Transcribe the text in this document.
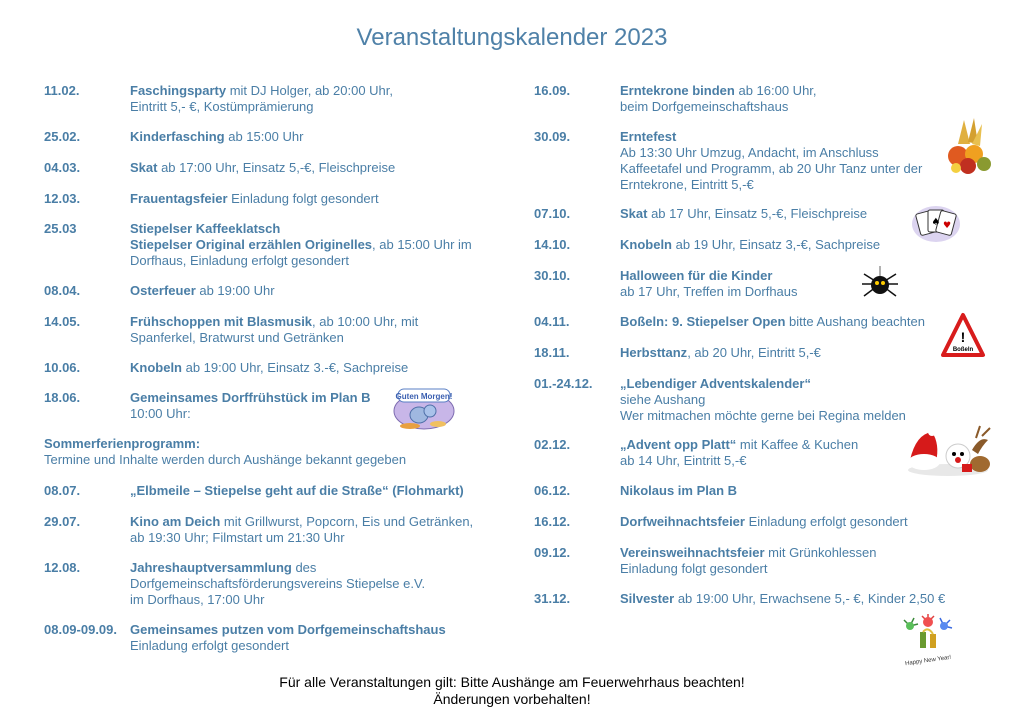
Veranstaltungskalender 2023
11.02.	Faschingsparty mit DJ Holger, ab 20:00 Uhr,
Eintritt 5,- €, Kostümprämierung
25.02.	Kinderfasching ab 15:00 Uhr
04.03.	Skat ab 17:00 Uhr, Einsatz 5,-€, Fleischpreise
12.03.	Frauentagsfeier Einladung folgt gesondert
25.03	Stiepelser Kaffeeklatsch
Stiepelser Original erzählen Originelles, ab 15:00 Uhr im
Dorfhaus, Einladung erfolgt gesondert
08.04.	Osterfeuer ab 19:00 Uhr
14.05.	Frühschoppen mit Blasmusik, ab 10:00 Uhr, mit
Spanferkel, Bratwurst und Getränken
10.06.	Knobeln ab 19:00 Uhr, Einsatz 3.-€, Sachpreise
18.06.	Gemeinsames Dorffrühstück im Plan B
10:00 Uhr:
Guten Morgen!
Sommerferienprogramm:
Termine und Inhalte werden durch Aushänge bekannt gegeben
08.07.	„Elbmeile – Stiepelse geht auf die Straße“ (Flohmarkt)
29.07.	Kino am Deich mit Grillwurst, Popcorn, Eis und Getränken,
ab 19:30 Uhr; Filmstart um 21:30 Uhr
12.08.	Jahreshauptversammlung des
Dorfgemeinschaftsförderungsvereins Stiepelse e.V.
im Dorfhaus, 17:00 Uhr
08.09-09.09. Gemeinsames putzen vom Dorfgemeinschaftshaus
Einladung erfolgt gesondert
16.09.	Erntekrone binden ab 16:00 Uhr,
beim Dorfgemeinschaftshaus
30.09.	Erntefest
Ab 13:30 Uhr Umzug, Andacht, im Anschluss
Kaffeetafel und Programm, ab 20 Uhr Tanz unter der
Erntekrone, Eintritt 5,-€
07.10.	Skat ab 17 Uhr, Einsatz 5,-€, Fleischpreise
♠ ♥
14.10.	Knobeln ab 19 Uhr, Einsatz 3,-€, Sachpreise
30.10.	Halloween für die Kinder
ab 17 Uhr, Treffen im Dorfhaus
04.11.	Boßeln: 9. Stiepelser Open bitte Aushang beachten
!
Boßeln
18.11.	Herbsttanz, ab 20 Uhr, Eintritt 5,-€
01.-24.12. „Lebendiger Adventskalender“
siehe Aushang
Wer mitmachen möchte gerne bei Regina melden
02.12.	„Advent opp Platt“ mit Kaffee & Kuchen
ab 14 Uhr, Eintritt 5,-€
06.12.	Nikolaus im Plan B
16.12.	Dorfweihnachtsfeier Einladung erfolgt gesondert
09.12.	Vereinsweihnachtsfeier mit Grünkohlessen
Einladung folgt gesondert
31.12.	Silvester ab 19:00 Uhr, Erwachsene 5,- €, Kinder 2,50 €
Happy New Year!
Für alle Veranstaltungen gilt: Bitte Aushänge am Feuerwehrhaus beachten!
Änderungen vorbehalten!
